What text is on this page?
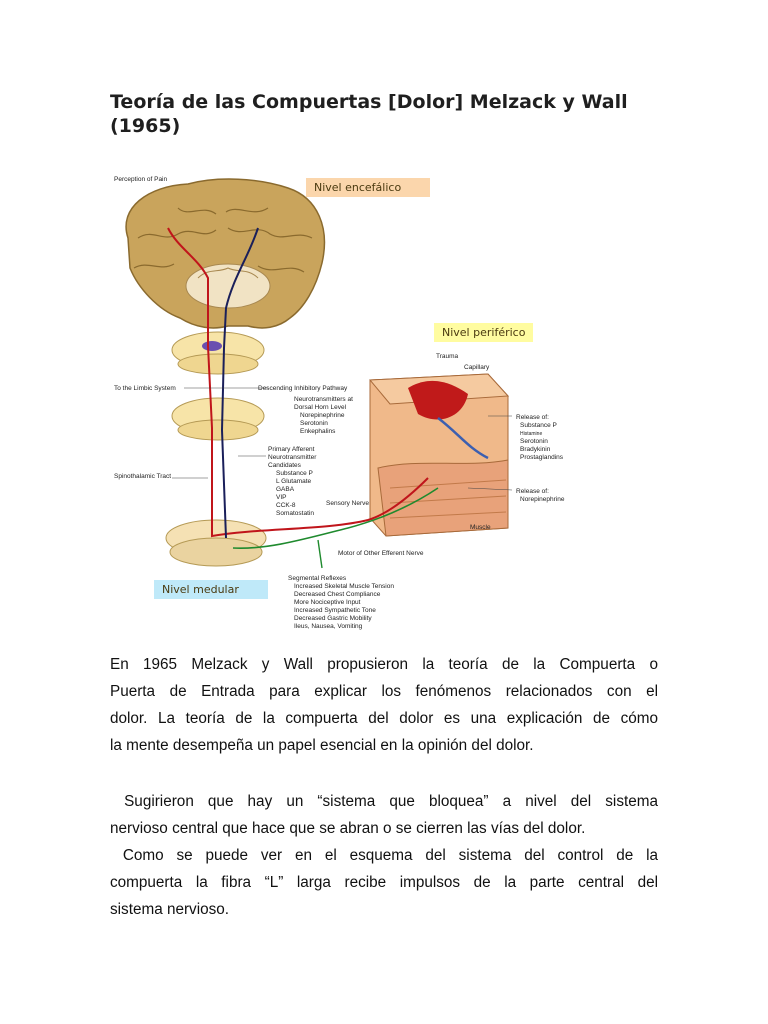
Teoría de las Compuertas [Dolor] Melzack y Wall (1965)
Nivel encefálico
Nivel periférico
Nivel medular
Perception of Pain
To the Limbic System	Descending Inhibitory Pathway
Spinothalamic Tract
Neurotransmitters at
Dorsal Horn Level
Norepinephrine
Serotonin
Enkephalins
Primary Afferent
Neurotransmitter
Candidates
Substance P
L Glutamate
GABA
VIP
CCK-8
Somatostatin
Trauma
Capillary
Release of:
Substance P
Histamine
Serotonin
Bradykinin
Prostaglandins
Release of:
Norepinephrine
Sensory Nerve
Muscle
Motor of Other Efferent Nerve
Segmental Reflexes
Increased Skeletal Muscle Tension
Decreased Chest Compliance
More Nociceptive Input
Increased Sympathetic Tone
Decreased Gastric Mobility
Ileus, Nausea, Vomiting

En 1965 Melzack y Wall propusieron la teoría de la Compuerta o
Puerta de Entrada para explicar los fenómenos relacionados con el
dolor. La teoría de la compuerta del dolor es una explicación de cómo
la mente desempeña un papel esencial en la opinión del dolor.

Sugirieron que hay un “sistema que bloquea” a nivel del sistema
nervioso central que hace que se abran o se cierren las vías del dolor.

Como se puede ver en el esquema del sistema del control de la
compuerta la fibra “L” larga recibe impulsos de la parte central del
sistema nervioso.
